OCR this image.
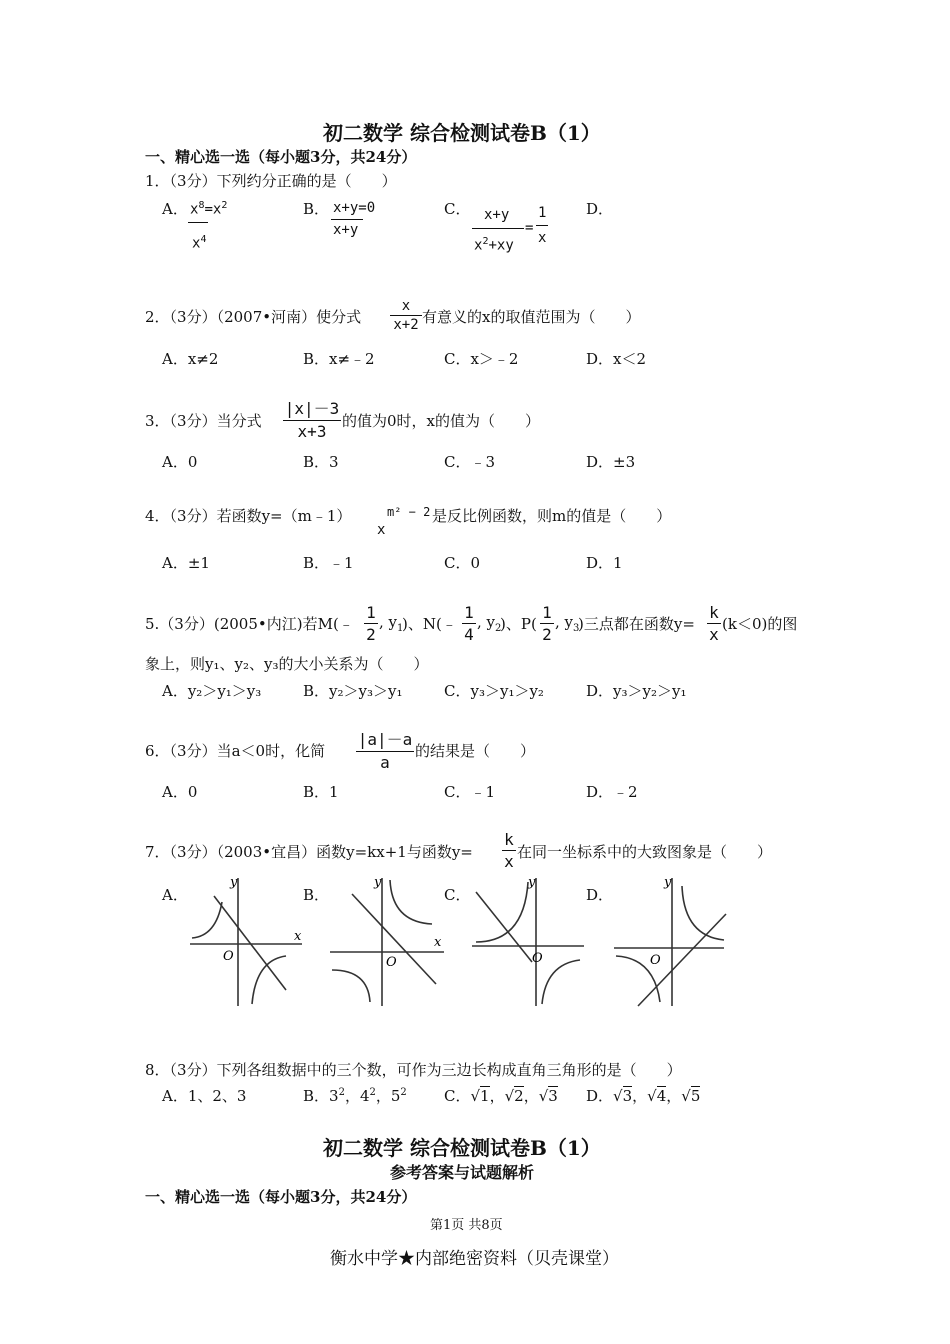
初二数学 综合检测试卷B（1）
一、精心选一选（每小题3分，共24分）
1．（3分）下列约分正确的是（　　）
A． $x^8=x^2$
$x^4$
B． x+y=0
x+y
C． x+y
$x^2+xy$
=
1
x
D．
2．（3分）（2007•河南）使分式
x
x+2 有意义的x的取值范围为（　　）
A．x≠2	B．x≠﹣2	C．x＞﹣2	D．x＜2
3．（3分）当分式
|x|－3
x+3
的值为0时，x的值为（　　）
A．0	B．3	C．﹣3	D．±3
4．（3分）若函数y=（m﹣1）
x
m² − 2 是反比例函数，则m的值是（　　）
A．±1	B．﹣1	C．0	D．1
5.（3分）(2005•内江)若M(﹣
1
2
, $y_1$
)、N(﹣
1
4
, $y_2$
)、P(
1
2
, $y_3$
)三点都在函数y=
k
x
(k＜0)的图
象上，则y₁、y₂、y₃的大小关系为（　　）
A．y₂＞y₁＞y₃	B．y₂＞y₃＞y₁	C．y₃＞y₁＞y₂	D．y₃＞y₂＞y₁
6．（3分）当a＜0时，化简
|a|－a
a
的结果是（　　）
A．0	B．1	C．﹣1	D．﹣2
7．（3分）（2003•宜昌）函数y=kx+1与函数y=
k
x 在同一坐标系中的大致图象是（　　）
A．	B．	C．	D．
y
x
O
y
x
O
y
O
y
O
8．（3分）下列各组数据中的三个数，可作为三边长构成直角三角形的是（　　）
A．1、2、3	B．$3^2$，$4^2$，$5^2$ C．√1，√2，√3 D．√3，√4，√5
初二数学 综合检测试卷B（1）
参考答案与试题解析
一、精心选一选（每小题3分，共24分）
第1页 共8页
衡水中学★内部绝密资料（贝壳课堂）
